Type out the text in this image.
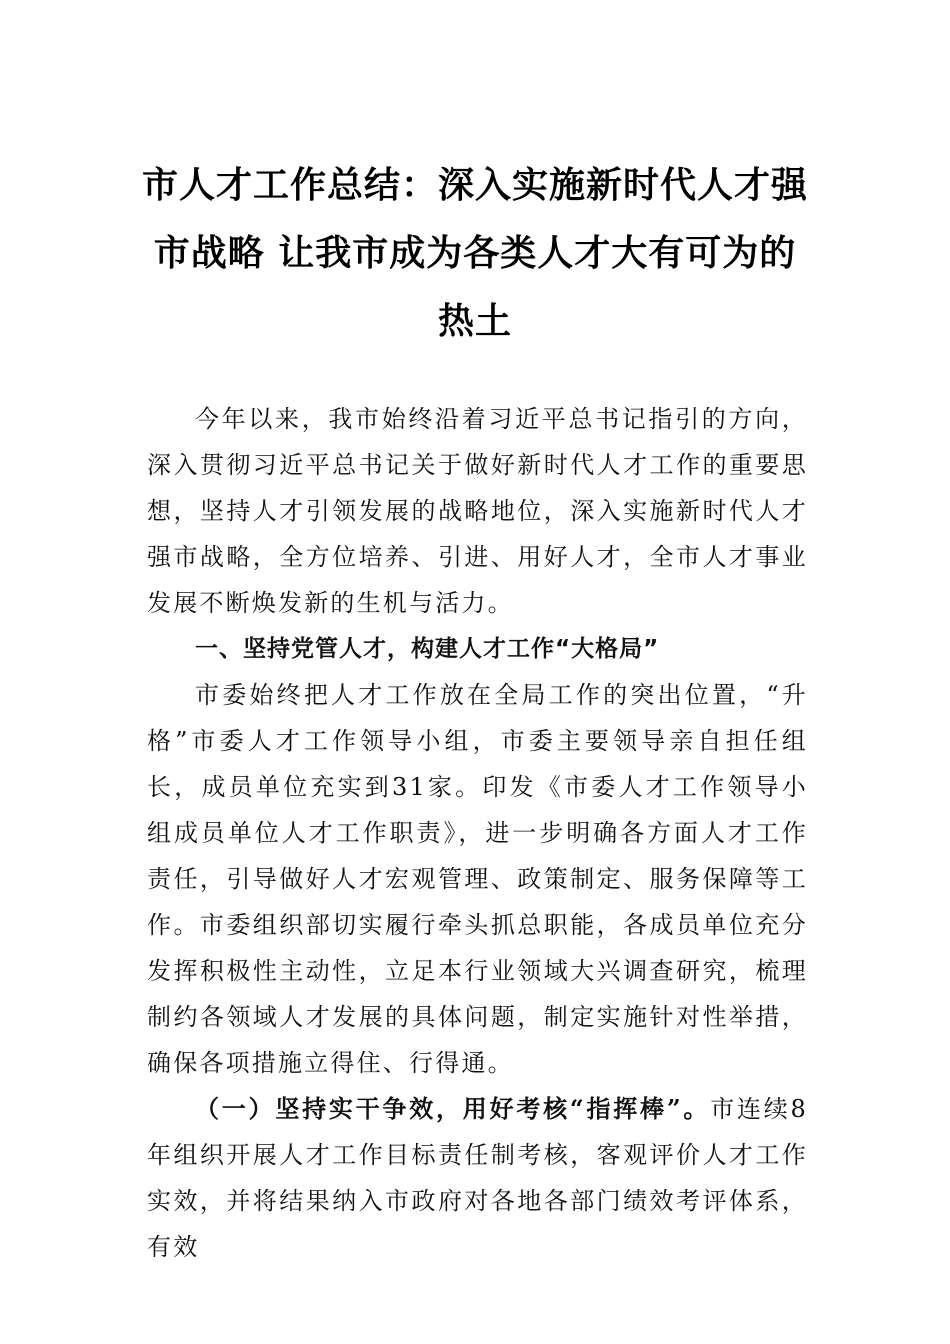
市人才工作总结：深入实施新时代人才强市战略 让我市成为各类人才大有可为的热土

今年以来，我市始终沿着习近平总书记指引的方向，深入贯彻习近平总书记关于做好新时代人才工作的重要思想，坚持人才引领发展的战略地位，深入实施新时代人才强市战略，全方位培养、引进、用好人才，全市人才事业发展不断焕发新的生机与活力。

一、坚持党管人才，构建人才工作“大格局”

市委始终把人才工作放在全局工作的突出位置，“升格”市委人才工作领导小组，市委主要领导亲自担任组长，成员单位充实到31家。印发《市委人才工作领导小组成员单位人才工作职责》，进一步明确各方面人才工作责任，引导做好人才宏观管理、政策制定、服务保障等工作。市委组织部切实履行牵头抓总职能，各成员单位充分发挥积极性主动性，立足本行业领域大兴调查研究，梳理制约各领域人才发展的具体问题，制定实施针对性举措，确保各项措施立得住、行得通。

（一）坚持实干争效，用好考核“指挥棒”。市连续8年组织开展人才工作目标责任制考核，客观评价人才工作实效，并将结果纳入市政府对各地各部门绩效考评体系，有效
